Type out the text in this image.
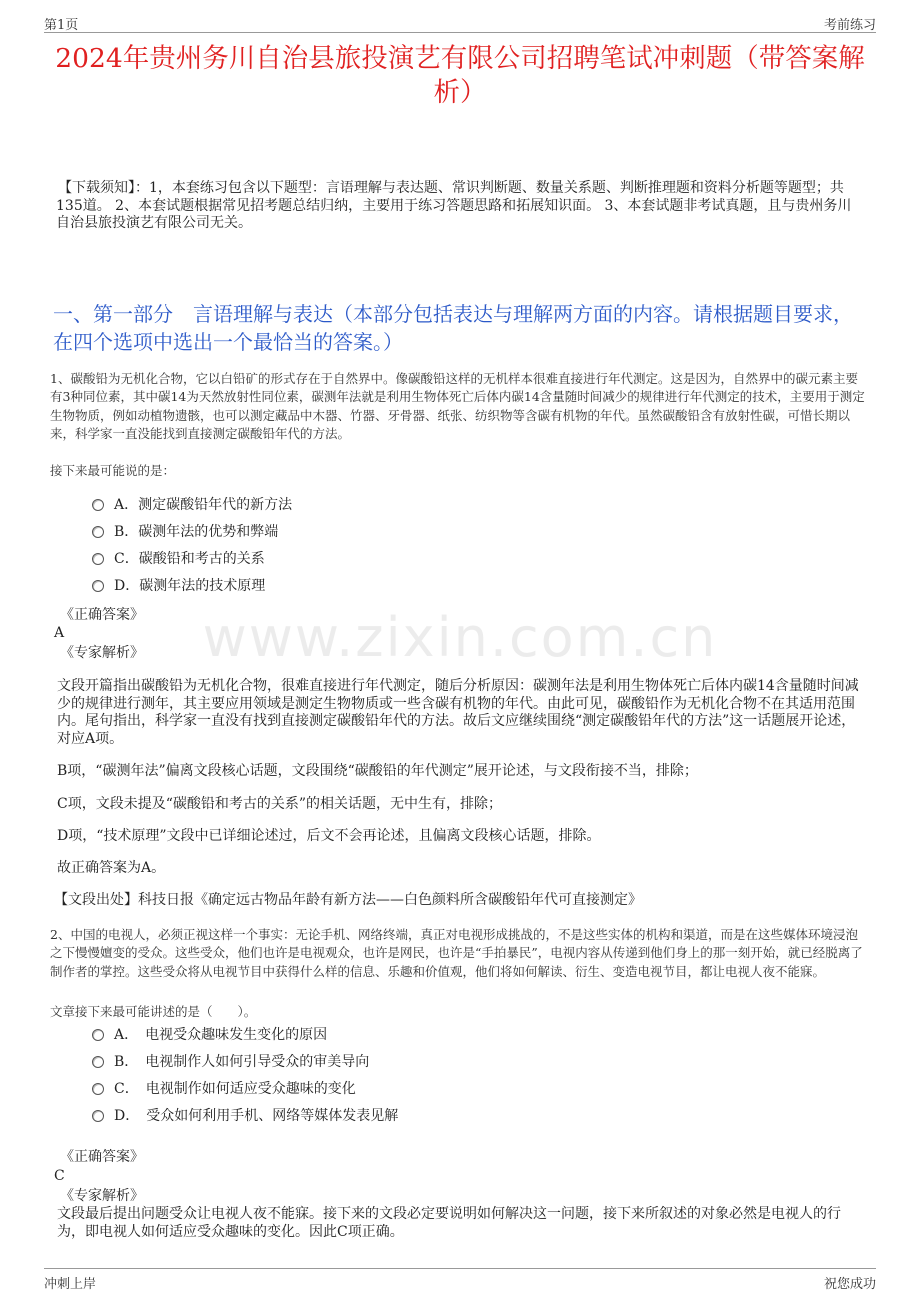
第1页	考前练习
2024年贵州务川自治县旅投演艺有限公司招聘笔试冲刺题（带答案解析）
【下载须知】：1，本套练习包含以下题型：言语理解与表达题、常识判断题、数量关系题、判断推理题和资料分析题等题型；共135道。 2、本套试题根据常见招考题总结归纳，主要用于练习答题思路和拓展知识面。 3、本套试题非考试真题，且与贵州务川自治县旅投演艺有限公司无关。
一、第一部分　言语理解与表达（本部分包括表达与理解两方面的内容。请根据题目要求，在四个选项中选出一个最恰当的答案。）
www.zixin.com.cn
1、碳酸铅为无机化合物，它以白铅矿的形式存在于自然界中。像碳酸铅这样的无机样本很难直接进行年代测定。这是因为，自然界中的碳元素主要有3种同位素，其中碳14为天然放射性同位素，碳测年法就是利用生物体死亡后体内碳14含量随时间减少的规律进行年代测定的技术，主要用于测定生物物质，例如动植物遗骸，也可以测定藏品中木器、竹器、牙骨器、纸张、纺织物等含碳有机物的年代。虽然碳酸铅含有放射性碳，可惜长期以来，科学家一直没能找到直接测定碳酸铅年代的方法。
接下来最可能说的是：
A．测定碳酸铅年代的新方法
B．碳测年法的优势和弊端
C．碳酸铅和考古的关系
D．碳测年法的技术原理
《正确答案》
A
《专家解析》
文段开篇指出碳酸铅为无机化合物，很难直接进行年代测定，随后分析原因：碳测年法是利用生物体死亡后体内碳14含量随时间减少的规律进行测年，其主要应用领域是测定生物物质或一些含碳有机物的年代。由此可见，碳酸铅作为无机化合物不在其适用范围内。尾句指出，科学家一直没有找到直接测定碳酸铅年代的方法。故后文应继续围绕“测定碳酸铅年代的方法”这一话题展开论述，对应A项。
B项，“碳测年法”偏离文段核心话题，文段围绕“碳酸铅的年代测定”展开论述，与文段衔接不当，排除；
C项，文段未提及“碳酸铅和考古的关系”的相关话题，无中生有，排除；
D项，“技术原理”文段中已详细论述过，后文不会再论述，且偏离文段核心话题，排除。
故正确答案为A。
【文段出处】科技日报《确定远古物品年龄有新方法——白色颜料所含碳酸铅年代可直接测定》
2、中国的电视人，必须正视这样一个事实：无论手机、网络终端，真正对电视形成挑战的，不是这些实体的机构和渠道，而是在这些媒体环境浸泡之下慢慢嬗变的受众。这些受众，他们也许是电视观众，也许是网民，也许是“手拍暴民”，电视内容从传递到他们身上的那一刻开始，就已经脱离了制作者的掌控。这些受众将从电视节目中获得什么样的信息、乐趣和价值观，他们将如何解读、衍生、变造电视节目，都让电视人夜不能寐。
文章接下来最可能讲述的是（　　）。
A．　电视受众趣味发生变化的原因
B．　电视制作人如何引导受众的审美导向
C．　电视制作如何适应受众趣味的变化
D．　受众如何利用手机、网络等媒体发表见解
《正确答案》
C
《专家解析》
文段最后提出问题受众让电视人夜不能寐。接下来的文段必定要说明如何解决这一问题，接下来所叙述的对象必然是电视人的行为，即电视人如何适应受众趣味的变化。因此C项正确。
冲刺上岸	祝您成功
